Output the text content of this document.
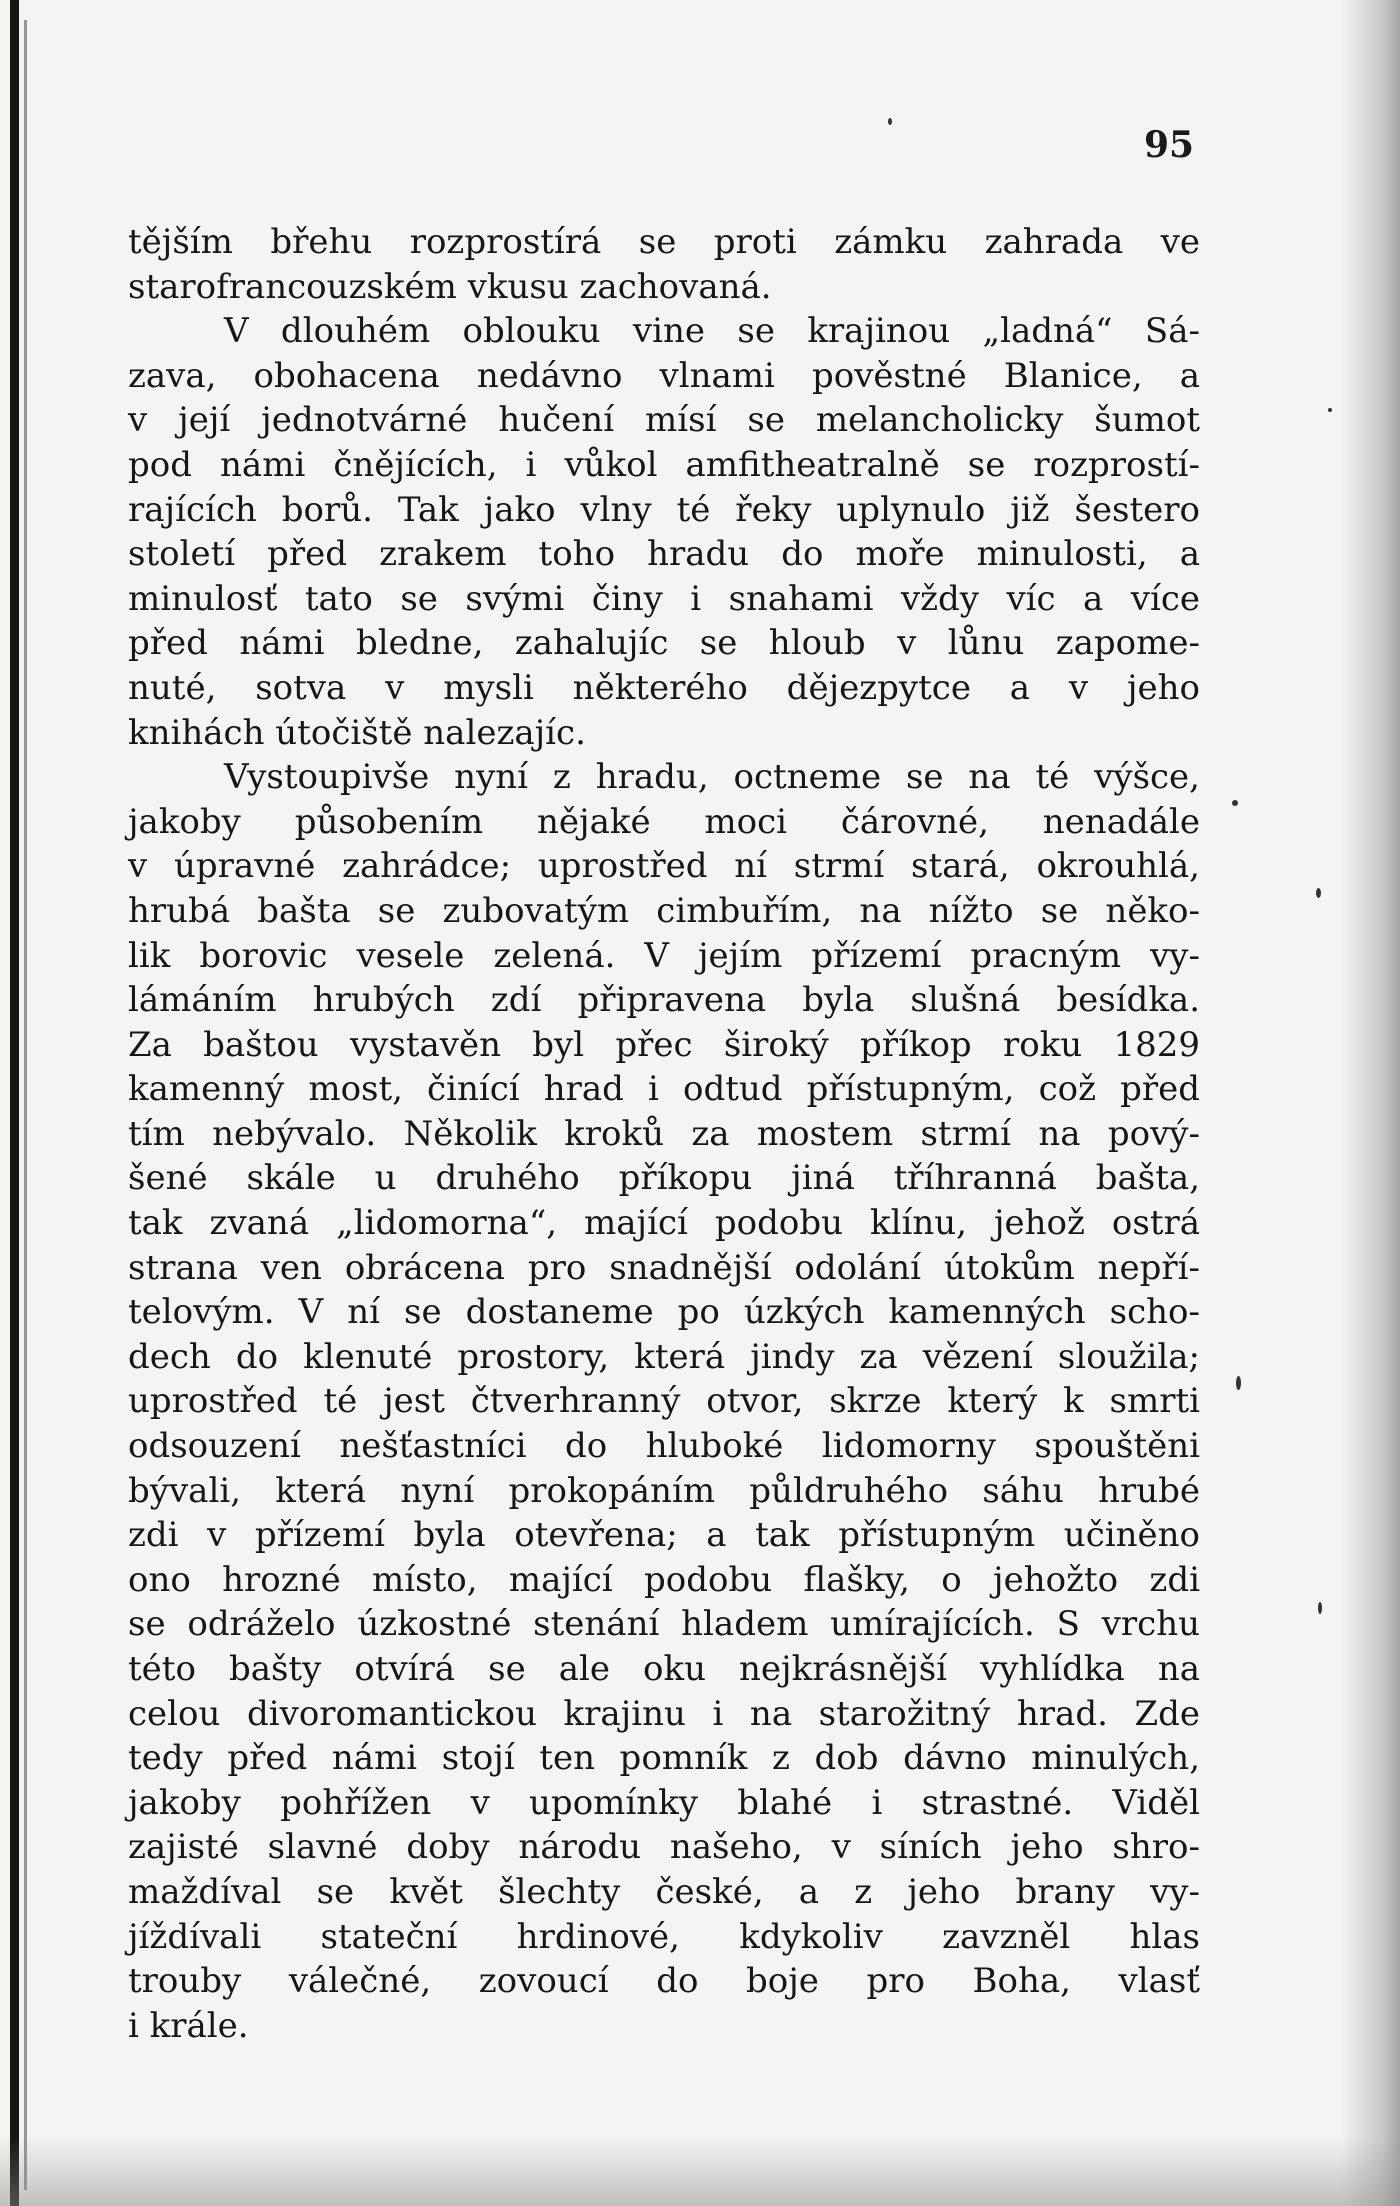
95
tějším břehu rozprostírá se proti zámku zahrada ve
starofrancouzském vkusu zachovaná.
V dlouhém oblouku vine se krajinou „ladná“ Sá-
zava, obohacena nedávno vlnami pověstné Blanice, a
v její jednotvárné hučení mísí se melancholicky šumot
pod námi čnějících, i vůkol amfitheatralně se rozprostí-
rajících borů. Tak jako vlny té řeky uplynulo již šestero
století před zrakem toho hradu do moře minulosti, a
minulosť tato se svými činy i snahami vždy víc a více
před námi bledne, zahalujíc se hloub v lůnu zapome-
nuté, sotva v mysli některého dějezpytce a v jeho
knihách útočiště nalezajíc.
Vystoupivše nyní z hradu, octneme se na té výšce,
jakoby působením nějaké moci čárovné, nenadále
v úpravné zahrádce; uprostřed ní strmí stará, okrouhlá,
hrubá bašta se zubovatým cimbuřím, na nížto se něko-
lik borovic vesele zelená. V jejím přízemí pracným vy-
lámáním hrubých zdí připravena byla slušná besídka.
Za baštou vystavěn byl přec široký příkop roku 1829
kamenný most, činící hrad i odtud přístupným, což před
tím nebývalo. Několik kroků za mostem strmí na pový-
šené skále u druhého příkopu jiná tříhranná bašta,
tak zvaná „lidomorna“, mající podobu klínu, jehož ostrá
strana ven obrácena pro snadnější odolání útokům nepří-
telovým. V ní se dostaneme po úzkých kamenných scho-
dech do klenuté prostory, která jindy za vězení sloužila;
uprostřed té jest čtverhranný otvor, skrze který k smrti
odsouzení nešťastníci do hluboké lidomorny spouštěni
bývali, která nyní prokopáním půldruhého sáhu hrubé
zdi v přízemí byla otevřena; a tak přístupným učiněno
ono hrozné místo, mající podobu flašky, o jehožto zdi
se odráželo úzkostné stenání hladem umírajících. S vrchu
této bašty otvírá se ale oku nejkrásnější vyhlídka na
celou divoromantickou krajinu i na starožitný hrad. Zde
tedy před námi stojí ten pomník z dob dávno minulých,
jakoby pohřížen v upomínky blahé i strastné. Viděl
zajisté slavné doby národu našeho, v síních jeho shro-
maždíval se květ šlechty české, a z jeho brany vy-
jíždívali stateční hrdinové, kdykoliv zavzněl hlas
trouby válečné, zovoucí do boje pro Boha, vlasť
i krále.
